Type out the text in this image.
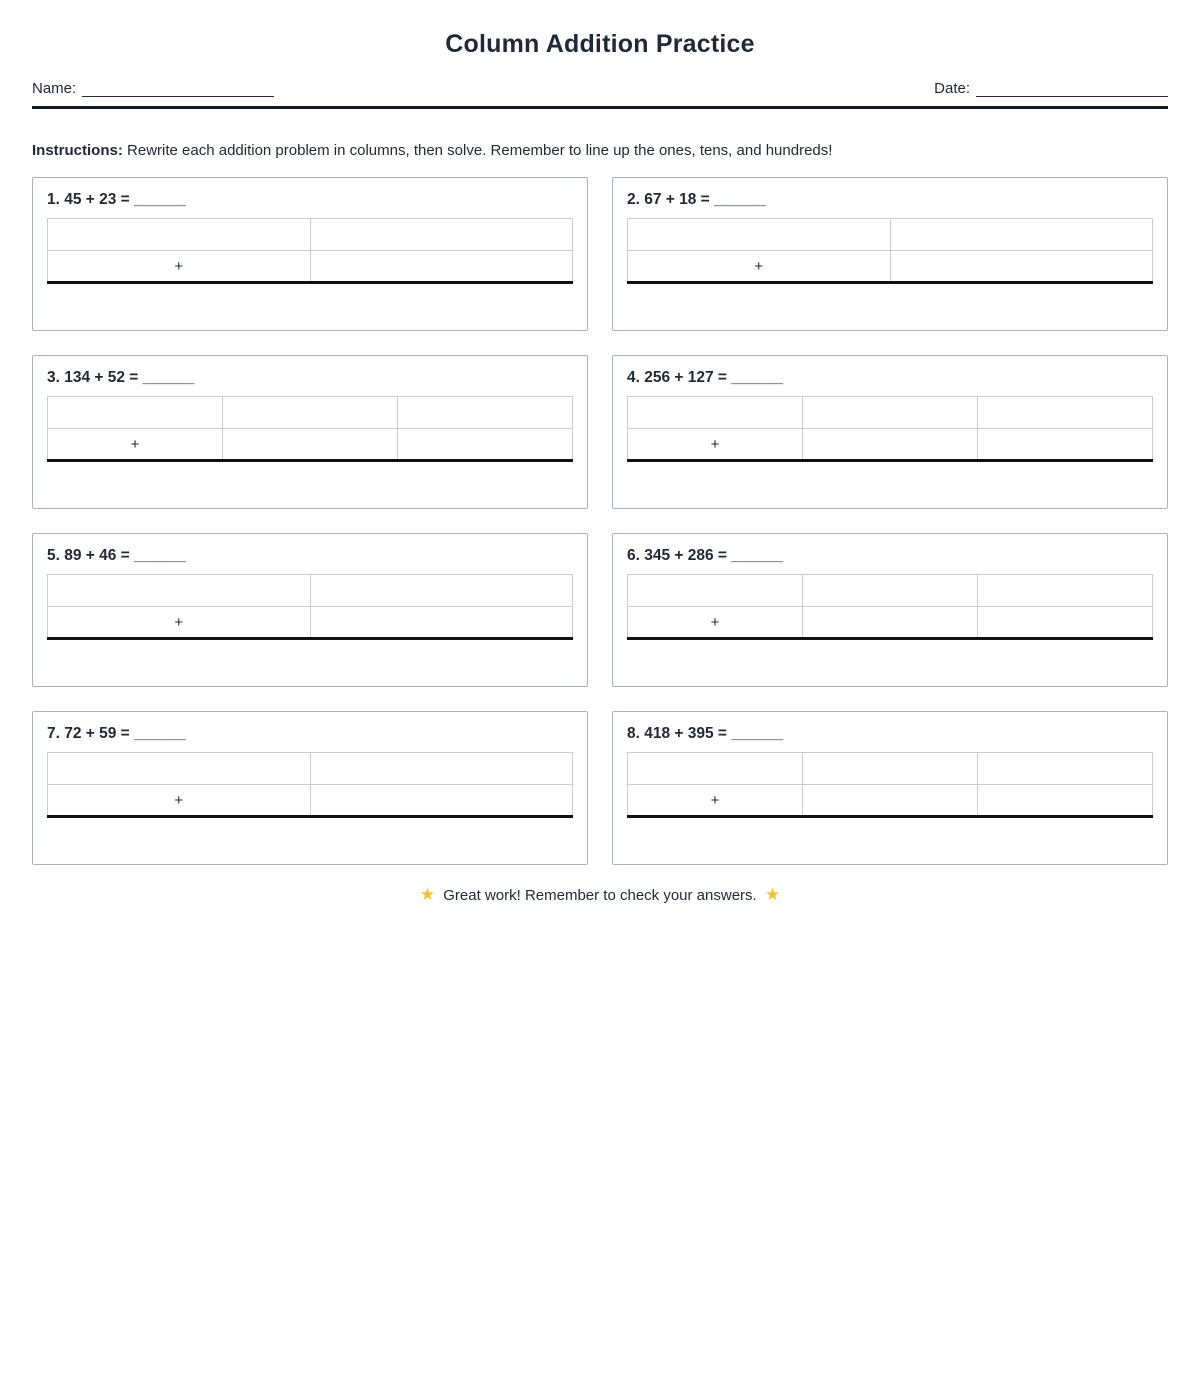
Column Addition Practice
Name:	Date:

Instructions: Rewrite each addition problem in columns, then solve. Remember to line up the ones, tens, and hundreds!

1. 45 + 23 = ______

+	
2. 67 + 18 = ______

+	
3. 134 + 52 = ______

+		
4. 256 + 127 = ______

+		
5. 89 + 46 = ______

+	
6. 345 + 286 = ______

+		
7. 72 + 59 = ______

+	
8. 418 + 395 = ______

+		

★ Great work! Remember to check your answers. ★
